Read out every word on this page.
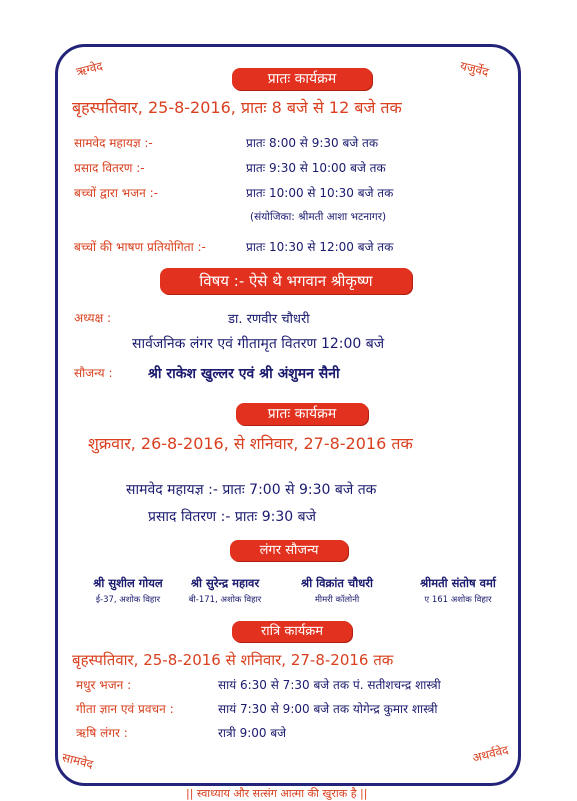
ऋग्वेद	यजुर्वेद
सामवेद	अथर्ववेद
प्रातः कार्यक्रम
बृहस्पतिवार, 25-8-2016, प्रातः 8 बजे से 12 बजे तक
सामवेद महायज्ञ :-	प्रातः 8:00 से 9:30 बजे तक
प्रसाद वितरण :-	प्रातः 9:30 से 10:00 बजे तक
बच्चों द्वारा भजन :-	प्रातः 10:00 से 10:30 बजे तक
(संयोजिका: श्रीमती आशा भटनागर)
बच्चों की भाषण प्रतियोगिता :-	प्रातः 10:30 से 12:00 बजे तक
विषय :- ऐसे थे भगवान श्रीकृष्ण
अध्यक्ष :	डा. रणवीर चौधरी
सार्वजनिक लंगर एवं गीतामृत वितरण 12:00 बजे
सौजन्य :	श्री राकेश खुल्लर एवं श्री अंशुमन सैनी
प्रातः कार्यक्रम
शुक्रवार, 26-8-2016, से शनिवार, 27-8-2016 तक
सामवेद महायज्ञ :- प्रातः 7:00 से 9:30 बजे तक
प्रसाद वितरण :- प्रातः 9:30 बजे
लंगर सौजन्य
श्री सुशील गोयल
ई-37, अशोक विहार
श्री सुरेन्द्र महावर
बी-171, अशोक विहार
श्री विक्रांत चौधरी
मीमरी कॉलोनी
श्रीमती संतोष वर्मा
ए 161 अशोक विहार
रात्रि कार्यक्रम
बृहस्पतिवार, 25-8-2016 से शनिवार, 27-8-2016 तक
मधुर भजन :	सायं 6:30 से 7:30 बजे तक पं. सतीशचन्द्र शास्त्री
गीता ज्ञान एवं प्रवचन :	सायं 7:30 से 9:00 बजे तक योगेन्द्र कुमार शास्त्री
ऋषि लंगर :	रात्री 9:00 बजे
|| स्वाध्याय और सत्संग आत्मा की खुराक है ||
